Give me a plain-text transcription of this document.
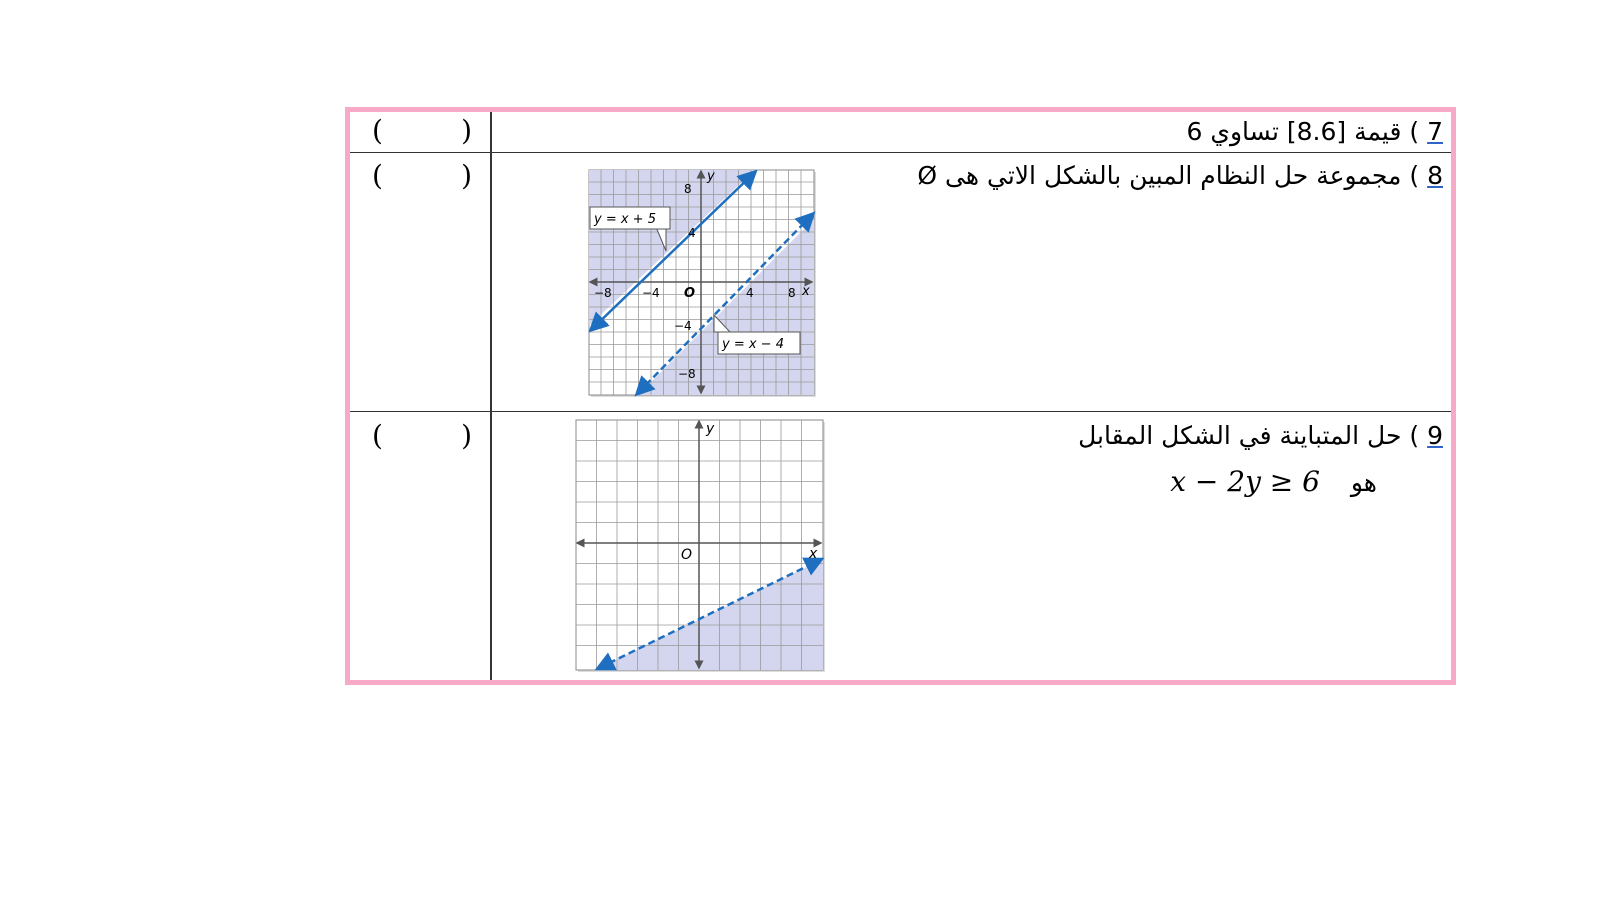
(	)	7 ) قيمة [8.6] تساوي 6
(	)	8 ) مجموعة حل النظام المبين بالشكل الاتي هى Ø
y
x
O
−8	−4	4	8
8
4
−4
−8
y = x + 5
y = x − 4
(	)	9 ) حل المتباينة في الشكل المقابل
x − 2y ≥ 6 هو
y
x
O
